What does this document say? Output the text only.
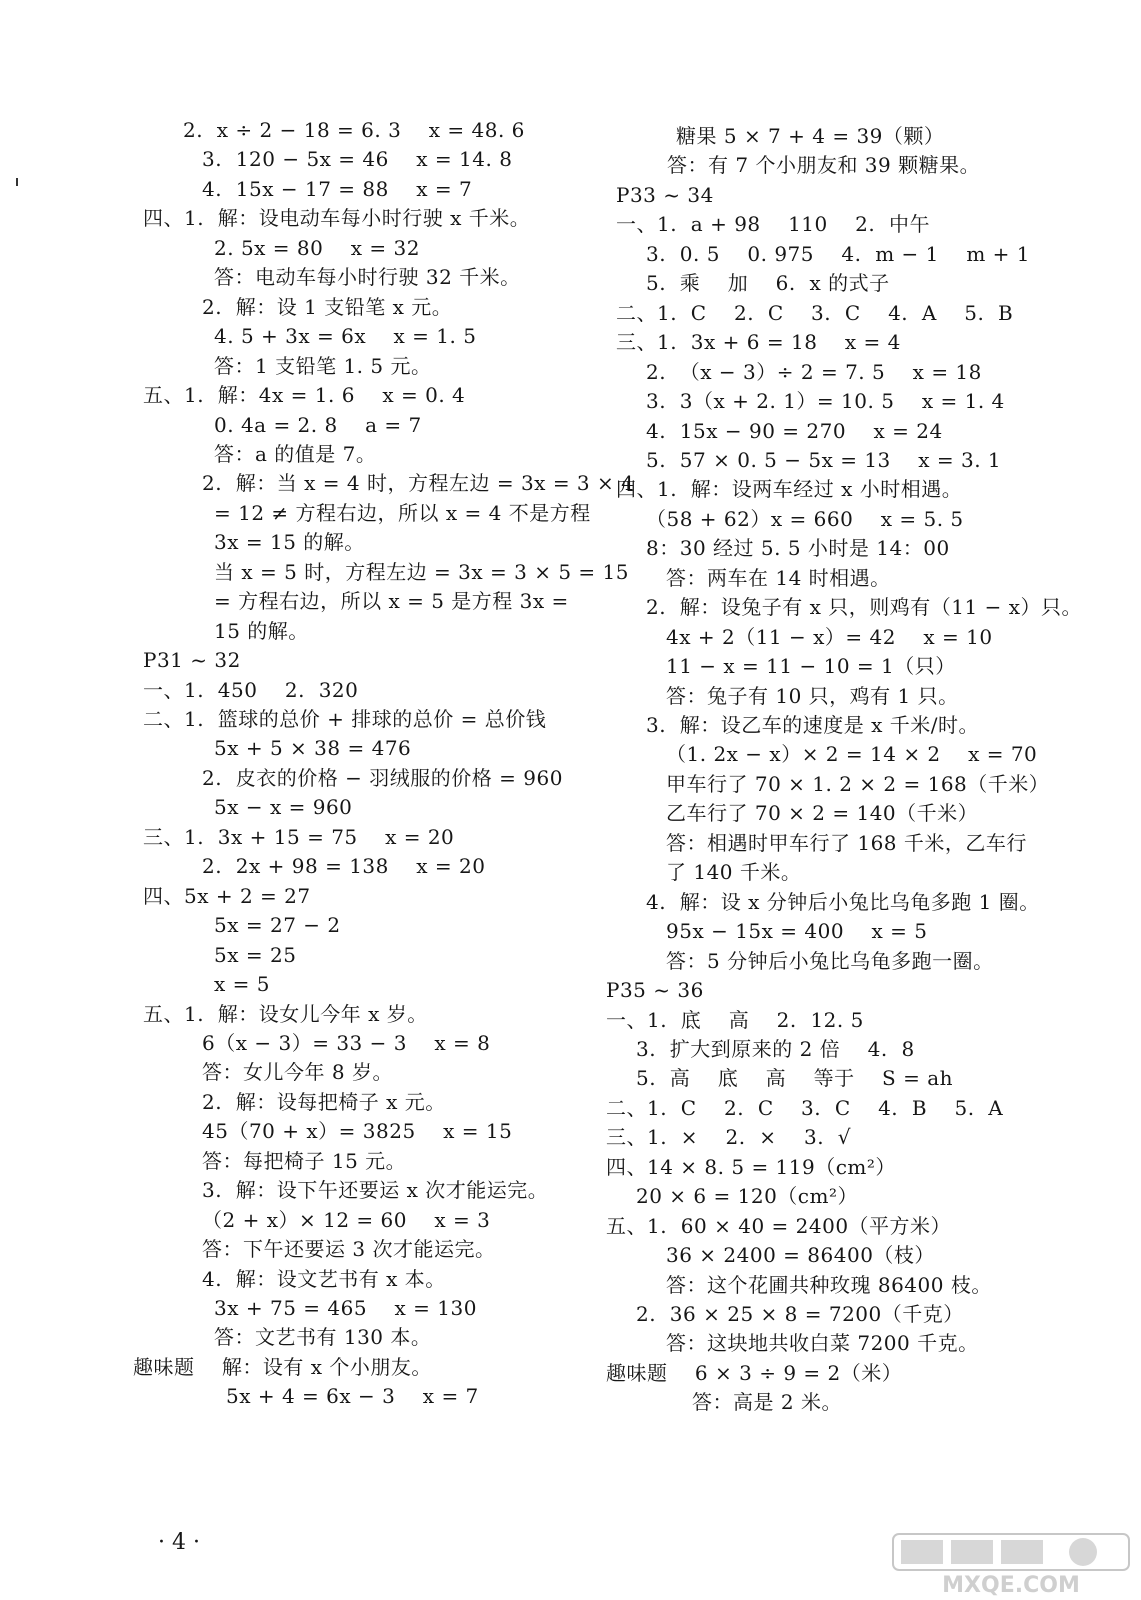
2.  x ÷ 2 − 18 = 6. 3    x = 48. 6
3.  120 − 5x = 46    x = 14. 8
4.  15x − 17 = 88    x = 7
四、1.  解：设电动车每小时行驶 x 千米。
2. 5x = 80    x = 32
答：电动车每小时行驶 32 千米。
2.  解：设 1 支铅笔 x 元。
4. 5 + 3x = 6x    x = 1. 5
答：1 支铅笔 1. 5 元。
五、1.  解：4x = 1. 6    x = 0. 4
0. 4a = 2. 8    a = 7
答：a 的值是 7。
2.  解：当 x = 4 时，方程左边 = 3x = 3 × 4
= 12 ≠ 方程右边，所以 x = 4 不是方程
3x = 15 的解。
当 x = 5 时，方程左边 = 3x = 3 × 5 = 15
= 方程右边，所以 x = 5 是方程 3x =
15 的解。
P31 ~ 32
一、1.  450    2.  320
二、1.  篮球的总价 + 排球的总价 = 总价钱
5x + 5 × 38 = 476
2.  皮衣的价格 − 羽绒服的价格 = 960
5x − x = 960
三、1.  3x + 15 = 75    x = 20
2.  2x + 98 = 138    x = 20
四、5x + 2 = 27
5x = 27 − 2
5x = 25
x = 5
五、1.  解：设女儿今年 x 岁。
6（x − 3）= 33 − 3    x = 8
答：女儿今年 8 岁。
2.  解：设每把椅子 x 元。
45（70 + x）= 3825    x = 15
答：每把椅子 15 元。
3.  解：设下午还要运 x 次才能运完。
（2 + x）× 12 = 60    x = 3
答：下午还要运 3 次才能运完。
4.  解：设文艺书有 x 本。
3x + 75 = 465    x = 130
答：文艺书有 130 本。
趣味题    解：设有 x 个小朋友。
5x + 4 = 6x − 3    x = 7
糖果 5 × 7 + 4 = 39（颗）
答：有 7 个小朋友和 39 颗糖果。
P33 ~ 34
一、1.  a + 98    110    2.  中午
3.  0. 5    0. 975    4.  m − 1    m + 1
5.  乘    加    6.  x 的式子
二、1.  C    2.  C    3.  C    4.  A    5.  B
三、1.  3x + 6 = 18    x = 4
2.  （x − 3）÷ 2 = 7. 5    x = 18
3.  3（x + 2. 1）= 10. 5    x = 1. 4
4.  15x − 90 = 270    x = 24
5.  57 × 0. 5 − 5x = 13    x = 3. 1
四、1.  解：设两车经过 x 小时相遇。
（58 + 62）x = 660    x = 5. 5
8：30 经过 5. 5 小时是 14：00
答：两车在 14 时相遇。
2.  解：设兔子有 x 只，则鸡有（11 − x）只。
4x + 2（11 − x）= 42    x = 10
11 − x = 11 − 10 = 1（只）
答：兔子有 10 只，鸡有 1 只。
3.  解：设乙车的速度是 x 千米/时。
（1. 2x − x）× 2 = 14 × 2    x = 70
甲车行了 70 × 1. 2 × 2 = 168（千米）
乙车行了 70 × 2 = 140（千米）
答：相遇时甲车行了 168 千米，乙车行
了 140 千米。
4.  解：设 x 分钟后小兔比乌龟多跑 1 圈。
95x − 15x = 400    x = 5
答：5 分钟后小兔比乌龟多跑一圈。
P35 ~ 36
一、1.  底    高    2.  12. 5
3.  扩大到原来的 2 倍    4.  8
5.  高    底    高    等于    S = ah
二、1.  C    2.  C    3.  C    4.  B    5.  A
三、1.  ×    2.  ×    3.  √
四、14 × 8. 5 = 119（cm²）
20 × 6 = 120（cm²）
五、1.  60 × 40 = 2400（平方米）
36 × 2400 = 86400（枝）
答：这个花圃共种玫瑰 86400 枝。
2.  36 × 25 × 8 = 7200（千克）
答：这块地共收白菜 7200 千克。
趣味题    6 × 3 ÷ 9 = 2（米）
答：高是 2 米。
· 4 ·
MXQE.COM
